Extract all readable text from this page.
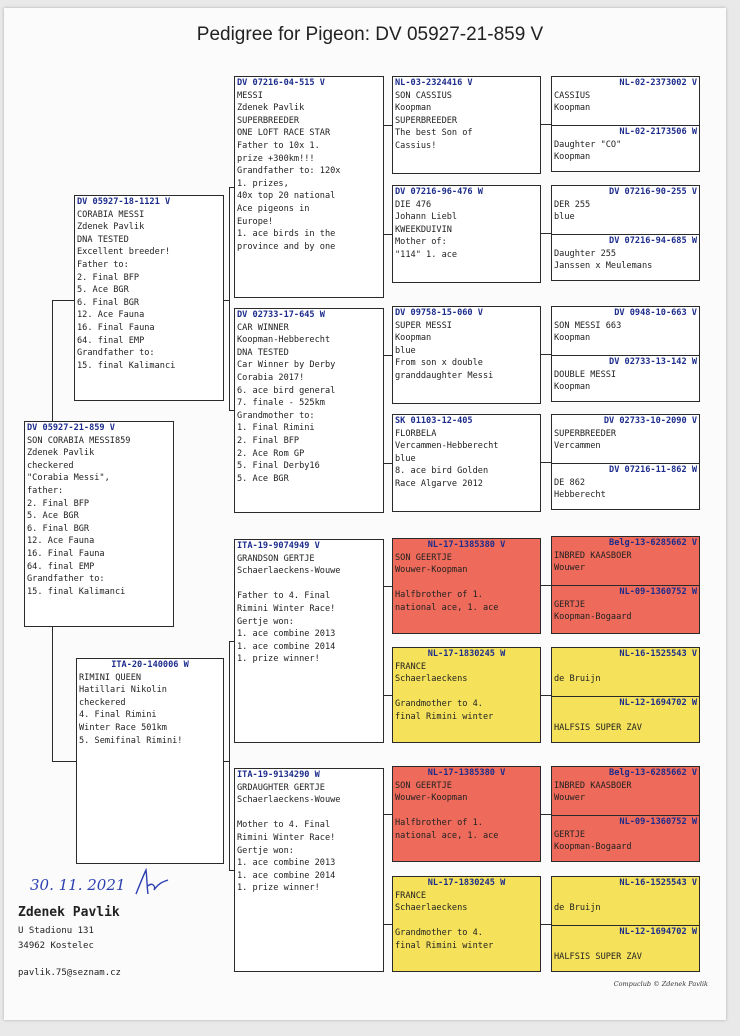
Pedigree for Pigeon: DV 05927-21-859 V
DV 05927-21-859 V
SON CORABIA MESSI859
Zdenek Pavlik
checkered
"Corabia Messi",
father:
2. Final BFP
5. Ace BGR
6. Final BGR
12. Ace Fauna
16. Final Fauna
64. final EMP
Grandfather to:
15. final Kalimanci
DV 05927-18-1121 V
CORABIA MESSI
Zdenek Pavlik
DNA TESTED
Excellent breeder!
Father to:
2. Final BFP
5. Ace BGR
6. Final BGR
12. Ace Fauna
16. Final Fauna
64. final EMP
Grandfather to:
15. final Kalimanci
ITA-20-140006 W
RIMINI QUEEN
Hatillari Nikolin
checkered
4. Final Rimini
Winter Race 501km
5. Semifinal Rimini!
DV 07216-04-515 V
MESSI
Zdenek Pavlik
SUPERBREEDER
ONE LOFT RACE STAR
Father to 10x 1.
prize +300km!!!
Grandfather to: 120x
1. prizes,
40x top 20 national
Ace pigeons in
Europe!
1. ace birds in the
province and by one
DV 02733-17-645 W
CAR WINNER
Koopman-Hebberecht
DNA TESTED
Car Winner by Derby
Corabia 2017!
6. ace bird general
7. finale - 525km
Grandmother to:
1. Final Rimini
2. Final BFP
2. Ace Rom GP
5. Final Derby16
5. Ace BGR
ITA-19-9074949 V
GRANDSON GERTJE
Schaerlaeckens-Wouwe

Father to 4. Final
Rimini Winter Race!
Gertje won:
1. ace combine 2013
1. ace combine 2014
1. prize winner!
ITA-19-9134290 W
GRDAUGHTER GERTJE
Schaerlaeckens-Wouwe

Mother to 4. Final
Rimini Winter Race!
Gertje won:
1. ace combine 2013
1. ace combine 2014
1. prize winner!
NL-03-2324416 V
SON CASSIUS
Koopman
SUPERBREEDER
The best Son of
Cassius!
DV 07216-96-476 W
DIE 476
Johann Liebl
KWEEKDUIVIN
Mother of:
"114" 1. ace
DV 09758-15-060 V
SUPER MESSI
Koopman
blue
From son x double
granddaughter Messi
SK 01103-12-405
FLORBELA
Vercammen-Hebberecht
blue
8. ace bird Golden
Race Algarve 2012
NL-17-1385380 V
SON GEERTJE
Wouwer-Koopman

Halfbrother of 1.
national ace, 1. ace
NL-17-1830245 W
FRANCE
Schaerlaeckens

Grandmother to 4.
final Rimini winter
NL-17-1385380 V
SON GEERTJE
Wouwer-Koopman

Halfbrother of 1.
national ace, 1. ace
NL-17-1830245 W
FRANCE
Schaerlaeckens

Grandmother to 4.
final Rimini winter
NL-02-2373002 V
CASSIUS
Koopman
NL-02-2173506 W
Daughter "CO"
Koopman
DV 07216-90-255 V
DER 255
blue
DV 07216-94-685 W
Daughter 255
Janssen x Meulemans
DV 0948-10-663 V
SON MESSI 663
Koopman
DV 02733-13-142 W
DOUBLE MESSI
Koopman
DV 02733-10-2090 V
SUPERBREEDER
Vercammen
DV 07216-11-862 W
DE 862
Hebberecht
Belg-13-6285662 V
INBRED KAASBOER
Wouwer
NL-09-1360752 W
GERTJE
Koopman-Bogaard
NL-16-1525543 V

de Bruijn
NL-12-1694702 W

HALFSIS SUPER ZAV
Belg-13-6285662 V
INBRED KAASBOER
Wouwer
NL-09-1360752 W
GERTJE
Koopman-Bogaard
NL-16-1525543 V

de Bruijn
NL-12-1694702 W

HALFSIS SUPER ZAV
30. 11. 2021
Zdenek Pavlik
U Stadionu 131
34962 Kostelec
pavlik.75@seznam.cz
Compuclub © Zdenek Pavlik
